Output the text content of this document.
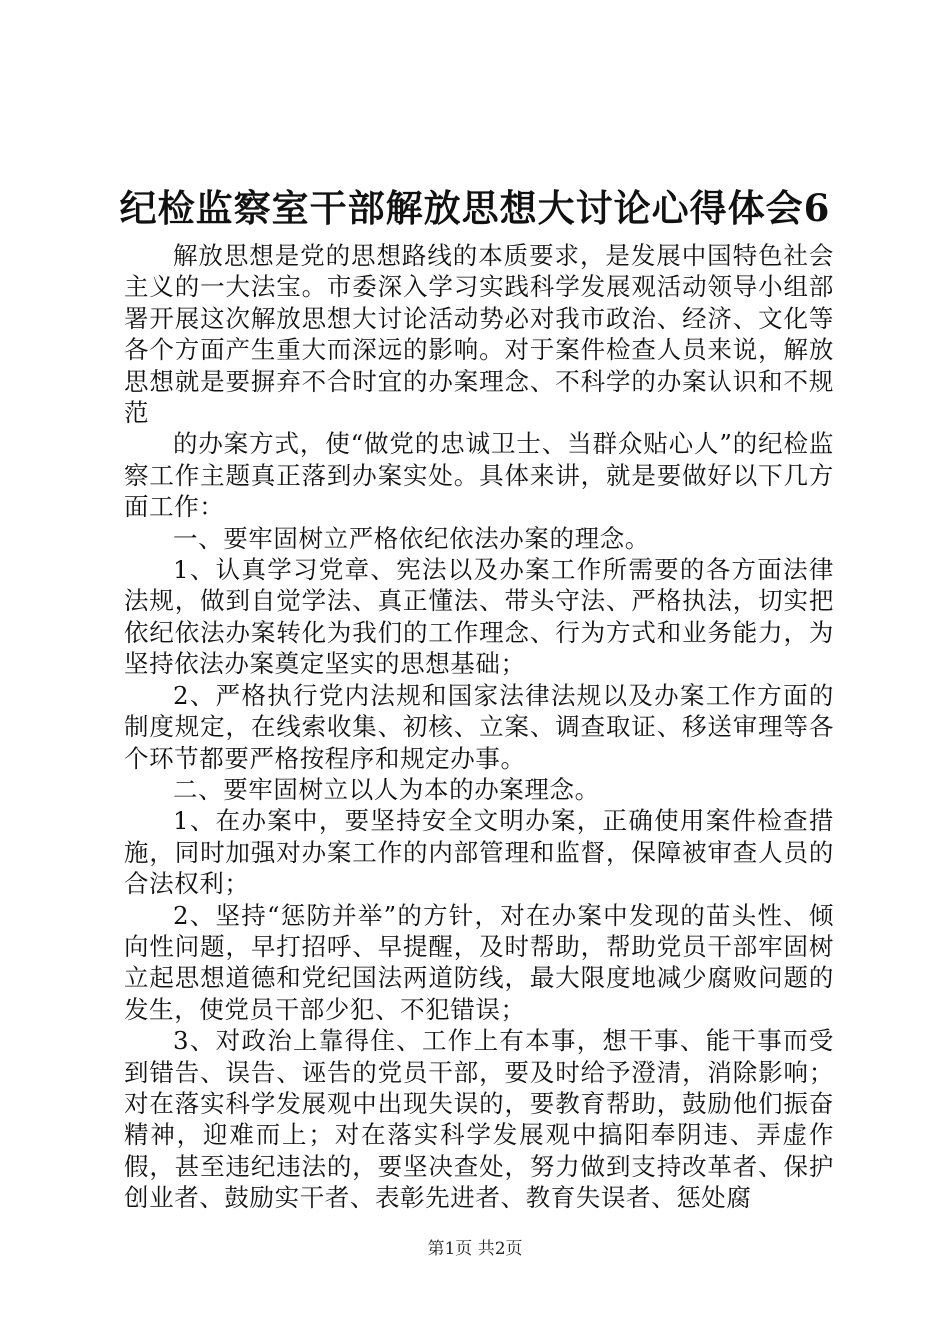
纪检监察室干部解放思想大讨论心得体会6

解放思想是党的思想路线的本质要求，是发展中国特色社会主义的一大法宝。市委深入学习实践科学发展观活动领导小组部署开展这次解放思想大讨论活动势必对我市政治、经济、文化等各个方面产生重大而深远的影响。对于案件检查人员来说，解放思想就是要摒弃不合时宜的办案理念、不科学的办案认识和不规范

的办案方式，使“做党的忠诚卫士、当群众贴心人”的纪检监察工作主题真正落到办案实处。具体来讲，就是要做好以下几方面工作：

一、要牢固树立严格依纪依法办案的理念。

1、认真学习党章、宪法以及办案工作所需要的各方面法律法规，做到自觉学法、真正懂法、带头守法、严格执法，切实把依纪依法办案转化为我们的工作理念、行为方式和业务能力，为坚持依法办案奠定坚实的思想基础；

2、严格执行党内法规和国家法律法规以及办案工作方面的制度规定，在线索收集、初核、立案、调查取证、移送审理等各个环节都要严格按程序和规定办事。

二、要牢固树立以人为本的办案理念。

1、在办案中，要坚持安全文明办案，正确使用案件检查措施，同时加强对办案工作的内部管理和监督，保障被审查人员的合法权利；

2、坚持“惩防并举”的方针，对在办案中发现的苗头性、倾向性问题，早打招呼、早提醒，及时帮助，帮助党员干部牢固树立起思想道德和党纪国法两道防线，最大限度地减少腐败问题的发生，使党员干部少犯、不犯错误；

3、对政治上靠得住、工作上有本事，想干事、能干事而受到错告、误告、诬告的党员干部，要及时给予澄清，消除影响；对在落实科学发展观中出现失误的，要教育帮助，鼓励他们振奋精神，迎难而上；对在落实科学发展观中搞阳奉阴违、弄虚作假，甚至违纪违法的，要坚决查处，努力做到支持改革者、保护创业者、鼓励实干者、表彰先进者、教育失误者、惩处腐

第1页 共2页
